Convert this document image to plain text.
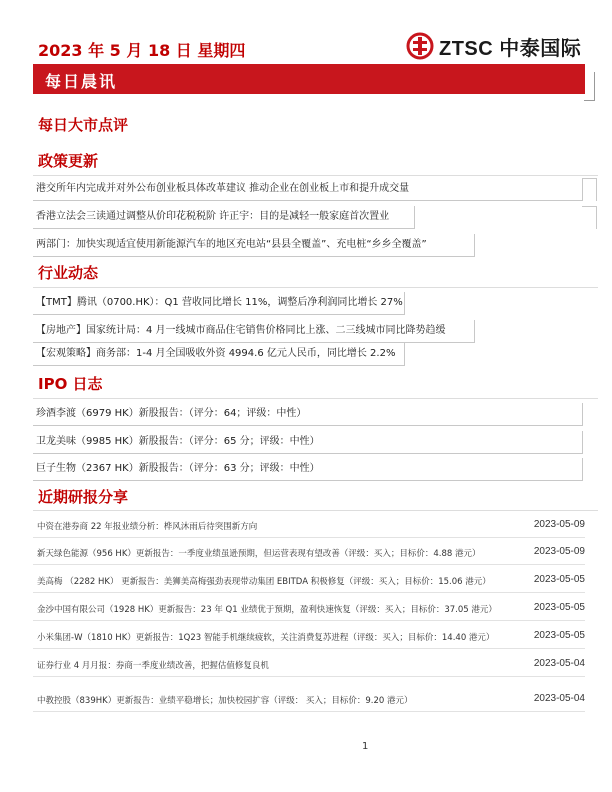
2023 年 5 月 18 日 星期四	ZTSC 中泰国际
每日晨讯
每日大市点评
政策更新
港交所年内完成并对外公布创业板具体改革建议 推动企业在创业板上市和提升成交量
香港立法会三读通过调整从价印花税税阶 许正宇：目的是减轻一般家庭首次置业
两部门：加快实现适宜使用新能源汽车的地区充电站“县县全覆盖”、充电桩“乡乡全覆盖”
行业动态
【TMT】腾讯（0700.HK）：Q1 营收同比增长 11%，调整后净利润同比增长 27%
【房地产】国家统计局：4 月一线城市商品住宅销售价格同比上涨、二三线城市同比降势趋缓
【宏观策略】商务部：1-4 月全国吸收外资 4994.6 亿元人民币，同比增长 2.2%
IPO 日志
珍酒李渡（6979 HK）新股报告：（评分：64；评级：中性）
卫龙美味（9985 HK）新股报告：（评分：65 分；评级：中性）
巨子生物（2367 HK）新股报告：（评分：63 分；评级：中性）
近期研报分享
中资在港券商 22 年报业绩分析：桦风沐雨后待突围新方向	2023-05-09
新天绿色能源（956 HK）更新报告：一季度业绩虽逊预期，但运营表现有望改善（评级：买入；目标价：4.88 港元）	2023-05-09
美高梅 （2282 HK） 更新报告：美狮美高梅强劲表现带动集团 EBITDA 积极修复（评级：买入；目标价：15.06 港元）	2023-05-05
金沙中国有限公司（1928 HK）更新报告：23 年 Q1 业绩优于预期，盈利快速恢复（评级：买入；目标价：37.05 港元）	2023-05-05
小米集团-W（1810 HK）更新报告：1Q23 智能手机继续疲软，关注消费复苏进程（评级：买入；目标价：14.40 港元）	2023-05-05
证券行业 4 月月报：券商一季度业绩改善，把握估值修复良机	2023-05-04
中教控股（839HK）更新报告：业绩平稳增长；加快校园扩容（评级： 买入；目标价：9.20 港元）	2023-05-04
1
